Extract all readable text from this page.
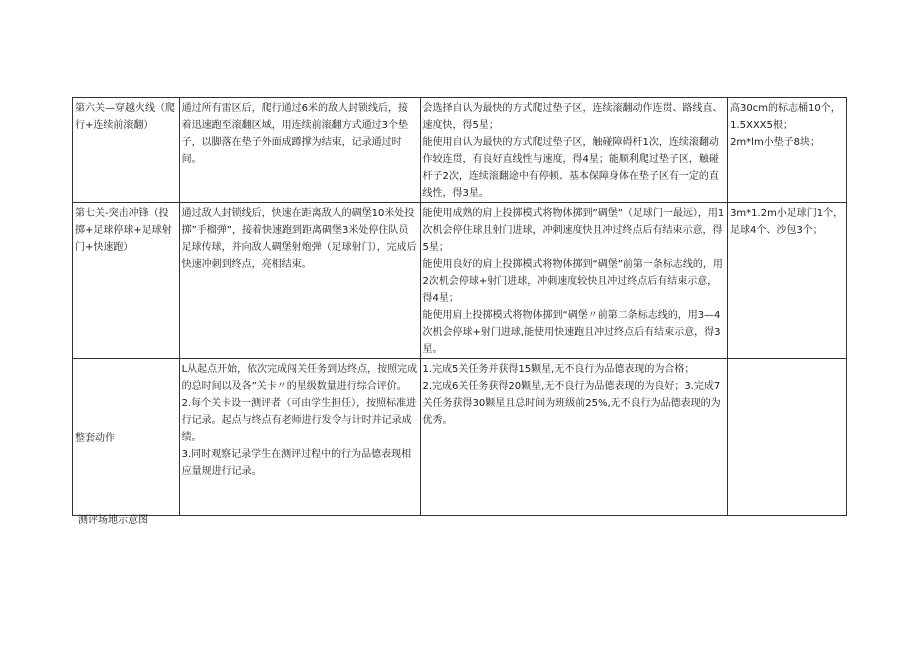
第六关—穿越火线（爬行+连续前滚翻）	通过所有雷区后，爬行通过6米的敌人封锁线后，接着迅速跑至滚翻区域，用连续前滚翻方式通过3个垫子，以脚落在垫子外面成蹲撑为结束，记录通过时间。	会选择自认为最快的方式爬过垫子区，连续滚翻动作连贯、路线直、速度快，得5星；
能使用自认为最快的方式爬过垫子区，触碰障碍杆1次，连续滚翻动作较连贯，有良好直线性与速度，得4星；能顺利爬过垫子区，触碰杆子2次，连续滚翻途中有停顿、基本保障身体在垫子区有一定的直线性，得3星。	高30cm的标志桶10个，1.5XXX5根；
2m*lm小垫子8块；

第七关-突击冲锋（投掷+足球停球+足球射门+快速跑）	通过敌人封锁线后，快速在距离敌人的碉堡10米处投掷”手榴弹”，接着快速跑到距离碉堡3米处停住队员足球传球，并向敌人碉堡射炮弹（足球射门），完成后快速冲刺到终点，亮相结束。	能使用成熟的肩上投掷模式将物体掷到”碉堡”（足球门一最远），用1次机会停住球且射门进球，冲刺速度快且冲过终点后有结束示意，得5星；
能使用良好的肩上投掷模式将物体掷到“碉堡”前第一条标志线的，用2次机会停球+射门进球，冲刺速度较快且冲过终点后有结束示意，得4星；
能使用肩上投掷模式将物体掷到“碉堡〃前第二条标志线的，用3—4次机会停球+射门进球,能使用快速跑且冲过终点后有结束示意，得3星。	3m*1.2m小足球门1个，足球4个、沙包3个；

整套动作	L从起点开始，依次完成闯关任务到达终点，按照完成的总时间以及各”关卡〃的星级数量进行综合评价。
2.每个关卡设一测评者（可由学生担任），按照标准进行记录。起点与终点有老师进行发令与计时并记录成绩。
3.同时观察记录学生在测评过程中的行为品德表现相应量规进行记录。	1.完成5关任务并获得15颗星,无不良行为品德表现的为合格；
2.完成6关任务获得20颗星,无不良行为品德表现的为良好；3.完成7关任务获得30颗星且总时间为班级前25%,无不良行为品德表现的为优秀。	

测评场地示意图
